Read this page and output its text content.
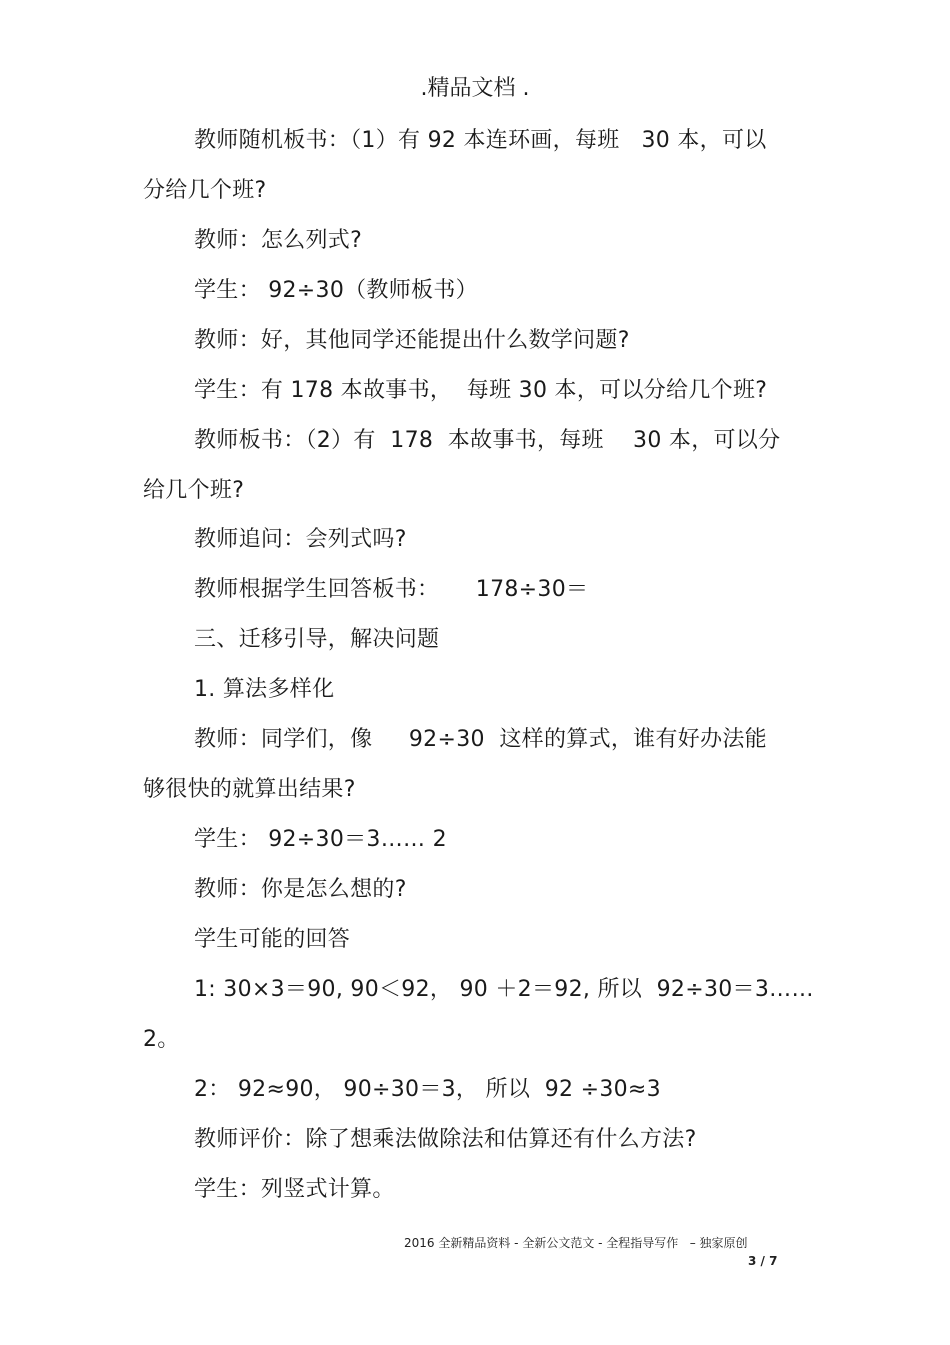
.精品文档 .
教师随机板书：（1）有 92 本连环画，每班   30 本，可以
分给几个班?
教师：怎么列式?
学生： 92÷30（教师板书）
教师：好，其他同学还能提出什么数学问题?
学生：有 178 本故事书，  每班 30 本，可以分给几个班?
教师板书：（2）有  178  本故事书，每班    30 本，可以分
给几个班?
教师追问：会列式吗?
教师根据学生回答板书：     178÷30＝
三、迁移引导，解决问题
1. 算法多样化
教师：同学们，像     92÷30  这样的算式，谁有好办法能
够很快的就算出结果?
学生： 92÷30＝3…… 2
教师：你是怎么想的?
学生可能的回答
1: 30×3＝90, 90＜92， 90 ＋2＝92, 所以  92÷30＝3……
2。
2： 92≈90， 90÷30＝3， 所以  92 ÷30≈3
教师评价：除了想乘法做除法和估算还有什么方法?
学生：列竖式计算。
2016 全新精品资料 - 全新公文范文 - 全程指导写作   – 独家原创
3 / 7
